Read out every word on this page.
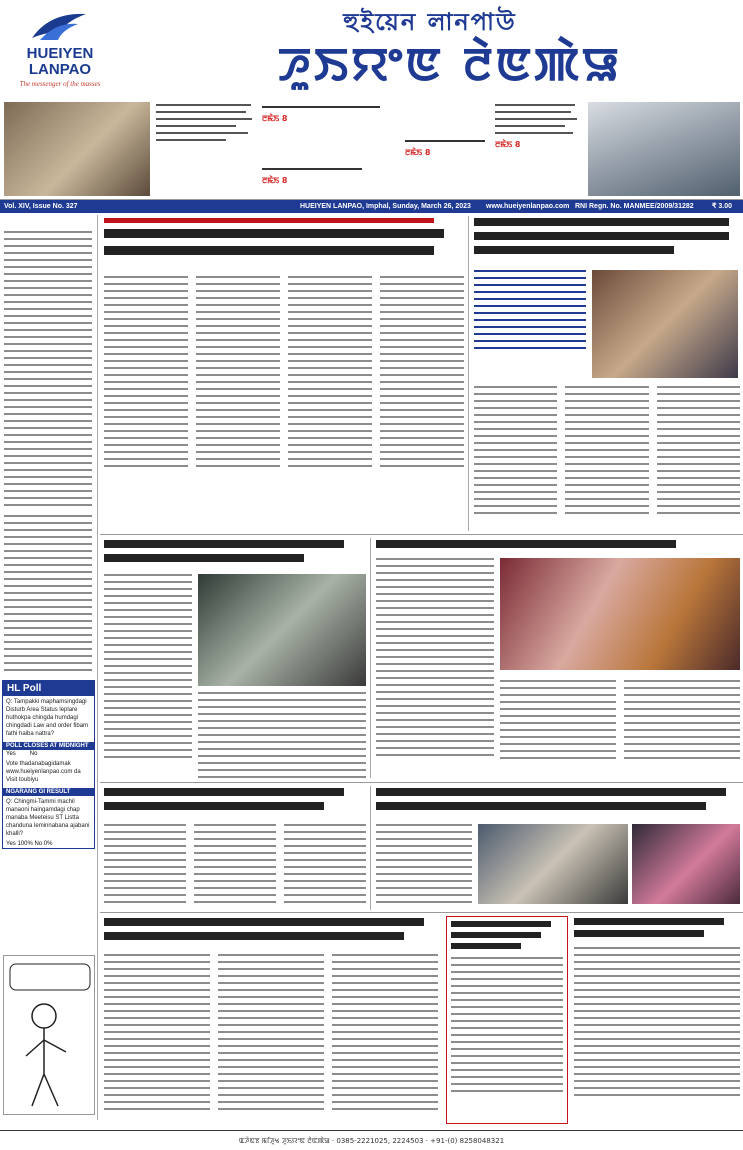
HUEIYEN LANPAO
The messenger of the masses
হুইয়েন লানপাউ
ꯍꯨꯏꯌꯦꯟ ꯂꯥꯟꯄꯥꯎ
ꯂꯃꯥꯏ 8
ꯂꯃꯥꯏ 8
ꯂꯃꯥꯏ 8
ꯂꯃꯥꯏ 8
Vol. XIV, Issue No. 327	HUEIYEN LANPAO, Imphal, Sunday, March 26, 2023 www.hueiyenlanpao.com RNI Regn. No. MANMEE/2009/31282	₹ 3.00
HL Poll
Q: Tampakki maphamsingdagi Disturb Area Status leplare huthokpa chingda humdagi chingdadi Law and order fibam fathi haiba nattra?
POLL CLOSES AT MIDNIGHT
Yes No
Vote thadanabagidamak www.hueiyenlanpao.com da Visit toubiyu
NGARANG GI RESULT
Q: Chingmi-Tammi machil manaoni haingamdagi chap manaba Meeteisu ST Listta chanduna leminnabana ajabani khalli?
Yes 100% No 0%
ꯑꯍꯥꯟꯕ ꯃꯤꯍꯨꯠ ꯍꯨꯏꯌꯦꯟ ꯂꯥꯟꯄꯥꯎ · 0385-2221025, 2224503 · +91-(0) 8258048321
